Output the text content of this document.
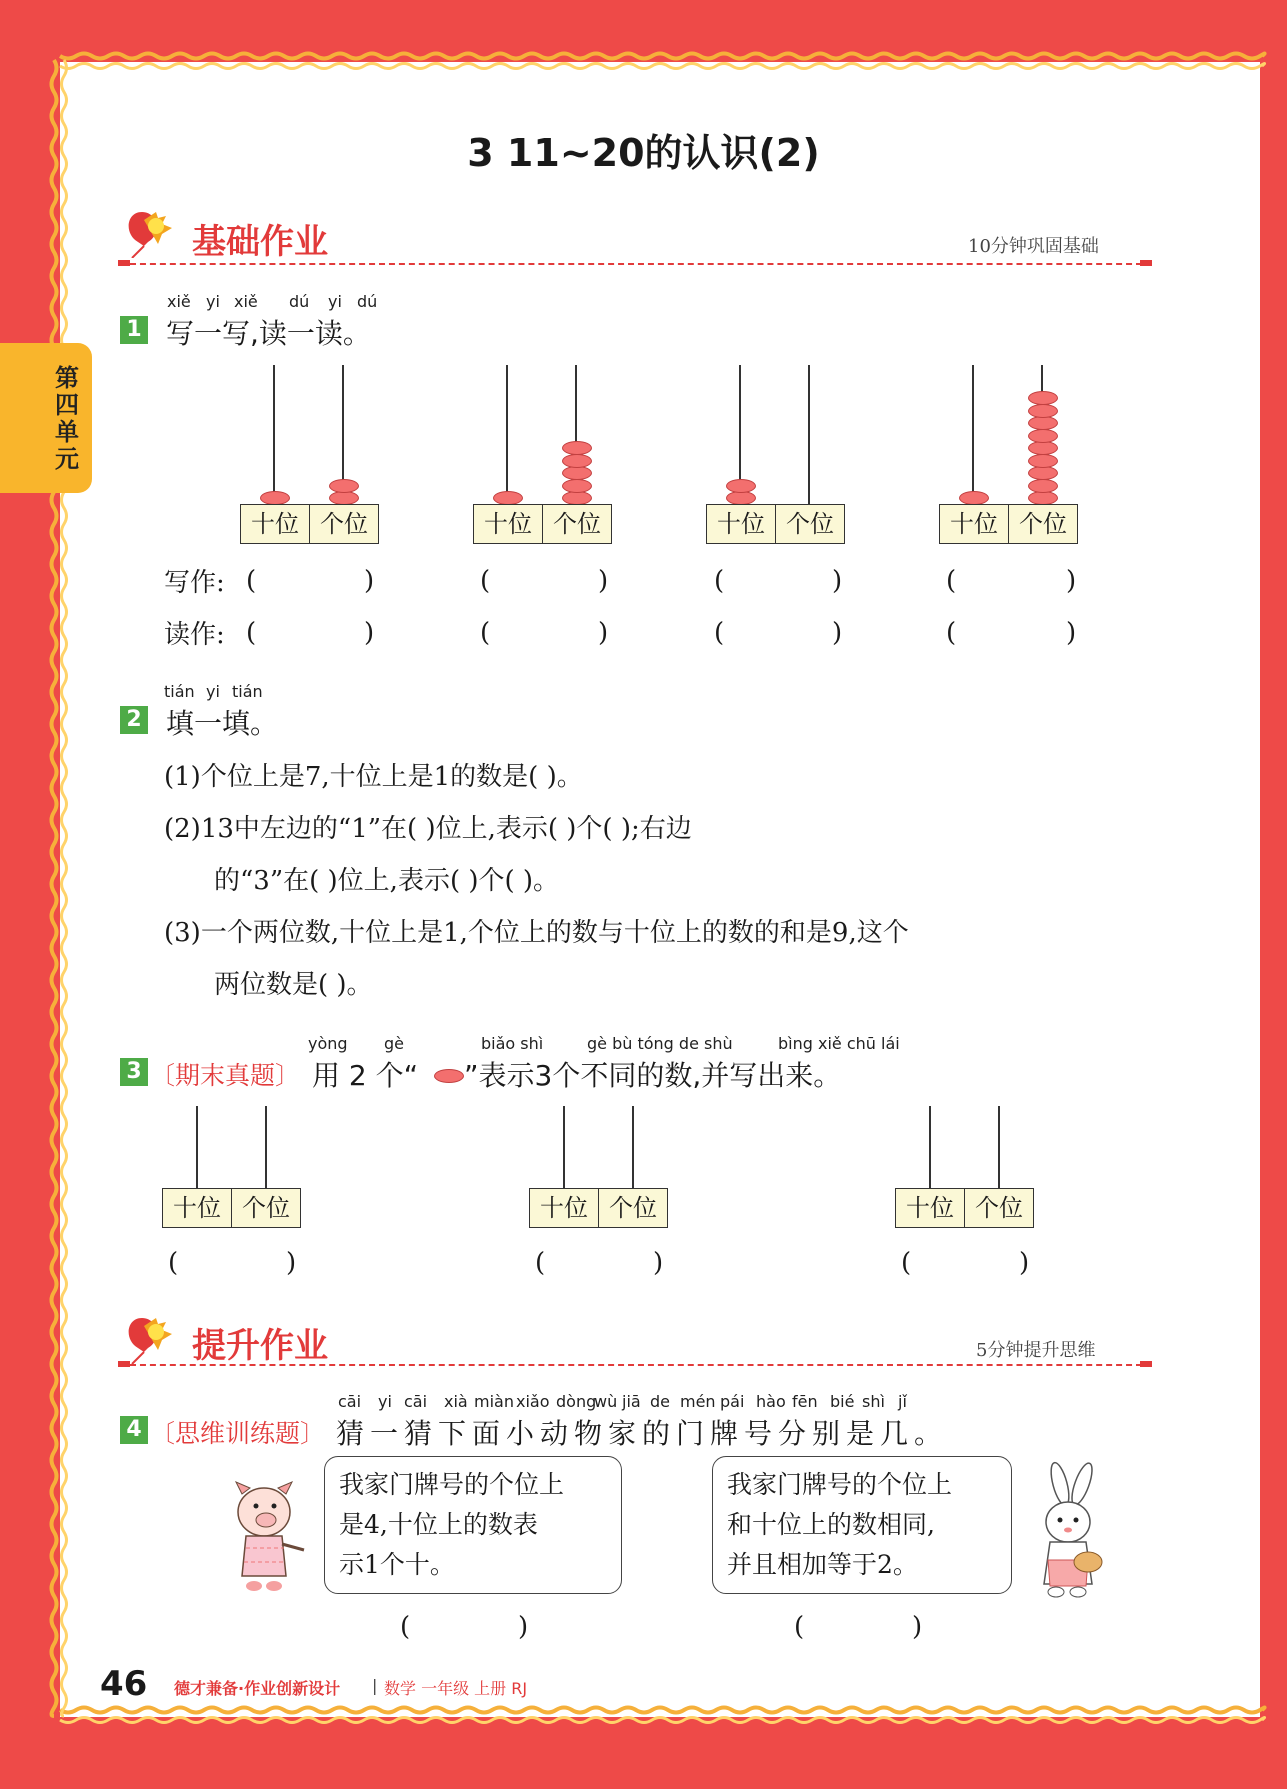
第四单元
3 11~20的认识(2)
基础作业	10分钟巩固基础
1
xiě yi xiě dú yi dú
写一写,读一读。
十位 个位	十位 个位	十位 个位	十位 个位
写作:
读作:
(	)	(	)	(	)	(	)
(	)	(	)	(	)	(	)
2
tián yi tián
填一填。
(1)个位上是7,十位上是1的数是( )。
(2)13中左边的“1”在( )位上,表示( )个( );右边
的“3”在( )位上,表示( )个( )。
(3)一个两位数,十位上是1,个位上的数与十位上的数的和是9,这个
两位数是( )。
3 〔期末真题〕
yòng gè	biǎo shì	gè bù tóng de shù	bìng xiě chū lái
用 2 个“ ”表示3个不同的数,并写出来。
十位 个位
(	)
十位 个位
(	)
十位 个位
(	)
提升作业	5分钟提升思维
4 〔思维训练题〕
cāi yi cāi xià miàn xiǎo dòng
wù jiā de mén pái hào fēn bié shì jǐ
猜一猜下面小动物家的门牌号分别是几。
我家门牌号的个位上
是4,十位上的数表
示1个十。
我家门牌号的个位上
和十位上的数相同,
并且相加等于2。
(	)	(	)
46 德才兼备·作业创新设计 | 数学 一年级 上册 RJ
